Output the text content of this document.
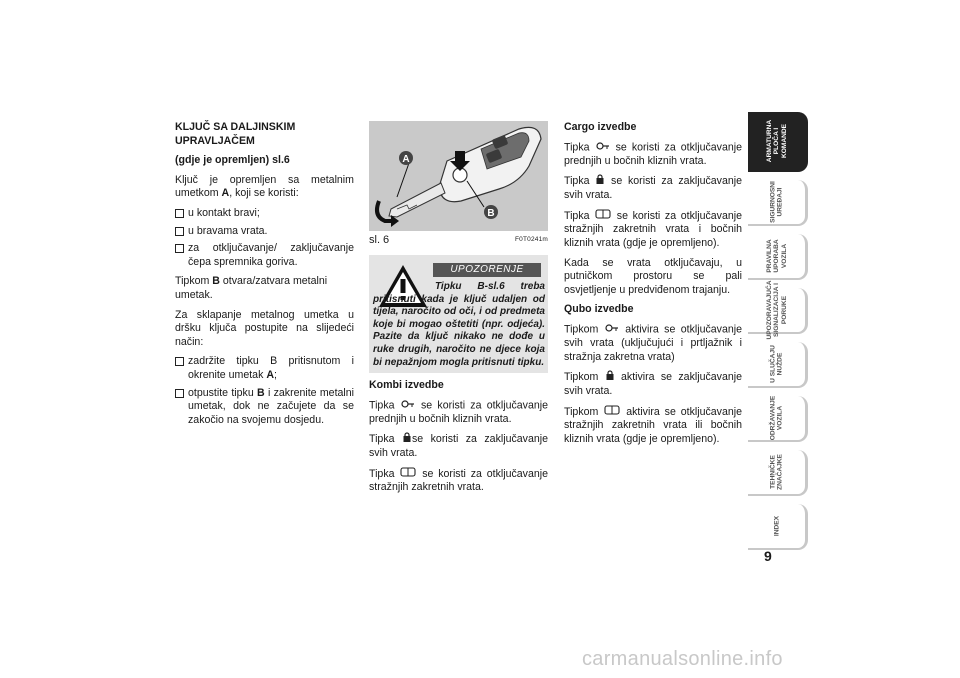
KLJUČ SA DALJINSKIM
UPRAVLJAČEM

(gdje je opremljen) sl.6

Ključ je opremljen sa metalnim umetkom A, koji se koristi:

u kontakt bravi;
u bravama vrata.
za otključavanje/ zaključavanje čepa spremnika goriva.

Tipkom B otvara/zatvara metalni umetak.

Za sklapanje metalnog umetka u dršku ključa postupite na slijedeći način:

zadržite tipku B pritisnutom i okrenite umetak A;
otpustite tipku B i zakrenite metalni umetak, dok ne začujete da se zakočio na svojemu dosjedu.
A
B
sl. 6	F0T0241m
UPOZORENJE
Tipku B-sl.6 treba pritisnuti kada je ključ udaljen od tijela, naročito od oči, i od predmeta koje bi mogao oštetiti (npr. odjeća). Pazite da ključ nikako ne dođe u ruke drugih, naročito ne djece koja bi nepažnjom mogla pritisnuti tipku.

Kombi izvedbe

Tipka se koristi za otključavanje prednjih u bočnih kliznih vrata.

Tipka se koristi za zaključavanje svih vrata.

Tipka	se koristi za otključavanje stražnjih zakretnih vrata.

Cargo izvedbe

Tipka se koristi za otključavanje prednjih u bočnih kliznih vrata.

Tipka se koristi za zaključavanje svih vrata.

Tipka	se koristi za otključavanje stražnjih zakretnih vrata i bočnih kliznih vrata (gdje je opremljeno).

Kada se vrata otključavaju, u putničkom prostoru se pali osvjetljenje u predviđenom trajanju.

Qubo izvedbe

Tipkom	aktivira se otključavanje svih vrata (uključujući i prtljažnik i stražnja zakretna vrata)

Tipkom aktivira se zaključavanje svih vrata.

Tipkom	aktivira se otključavanje stražnjih zakretnih vrata ili bočnih kliznih vrata (gdje je opremljeno).

ARMATURNA
PLOČA I
KOMANDE
SIGURNOSNI
UREĐAJI
PRAVILNA
UPORABA
VOZILA
UPOZORAVAJUĆA
SIGNALIZACIJA I
PORUKE
U SLUČAJU
NUŽDE
ODRŽAVANJE
VOZILA
TEHNIČKE
ZNAČAJKE
INDEX
9
carmanualsonline.info
